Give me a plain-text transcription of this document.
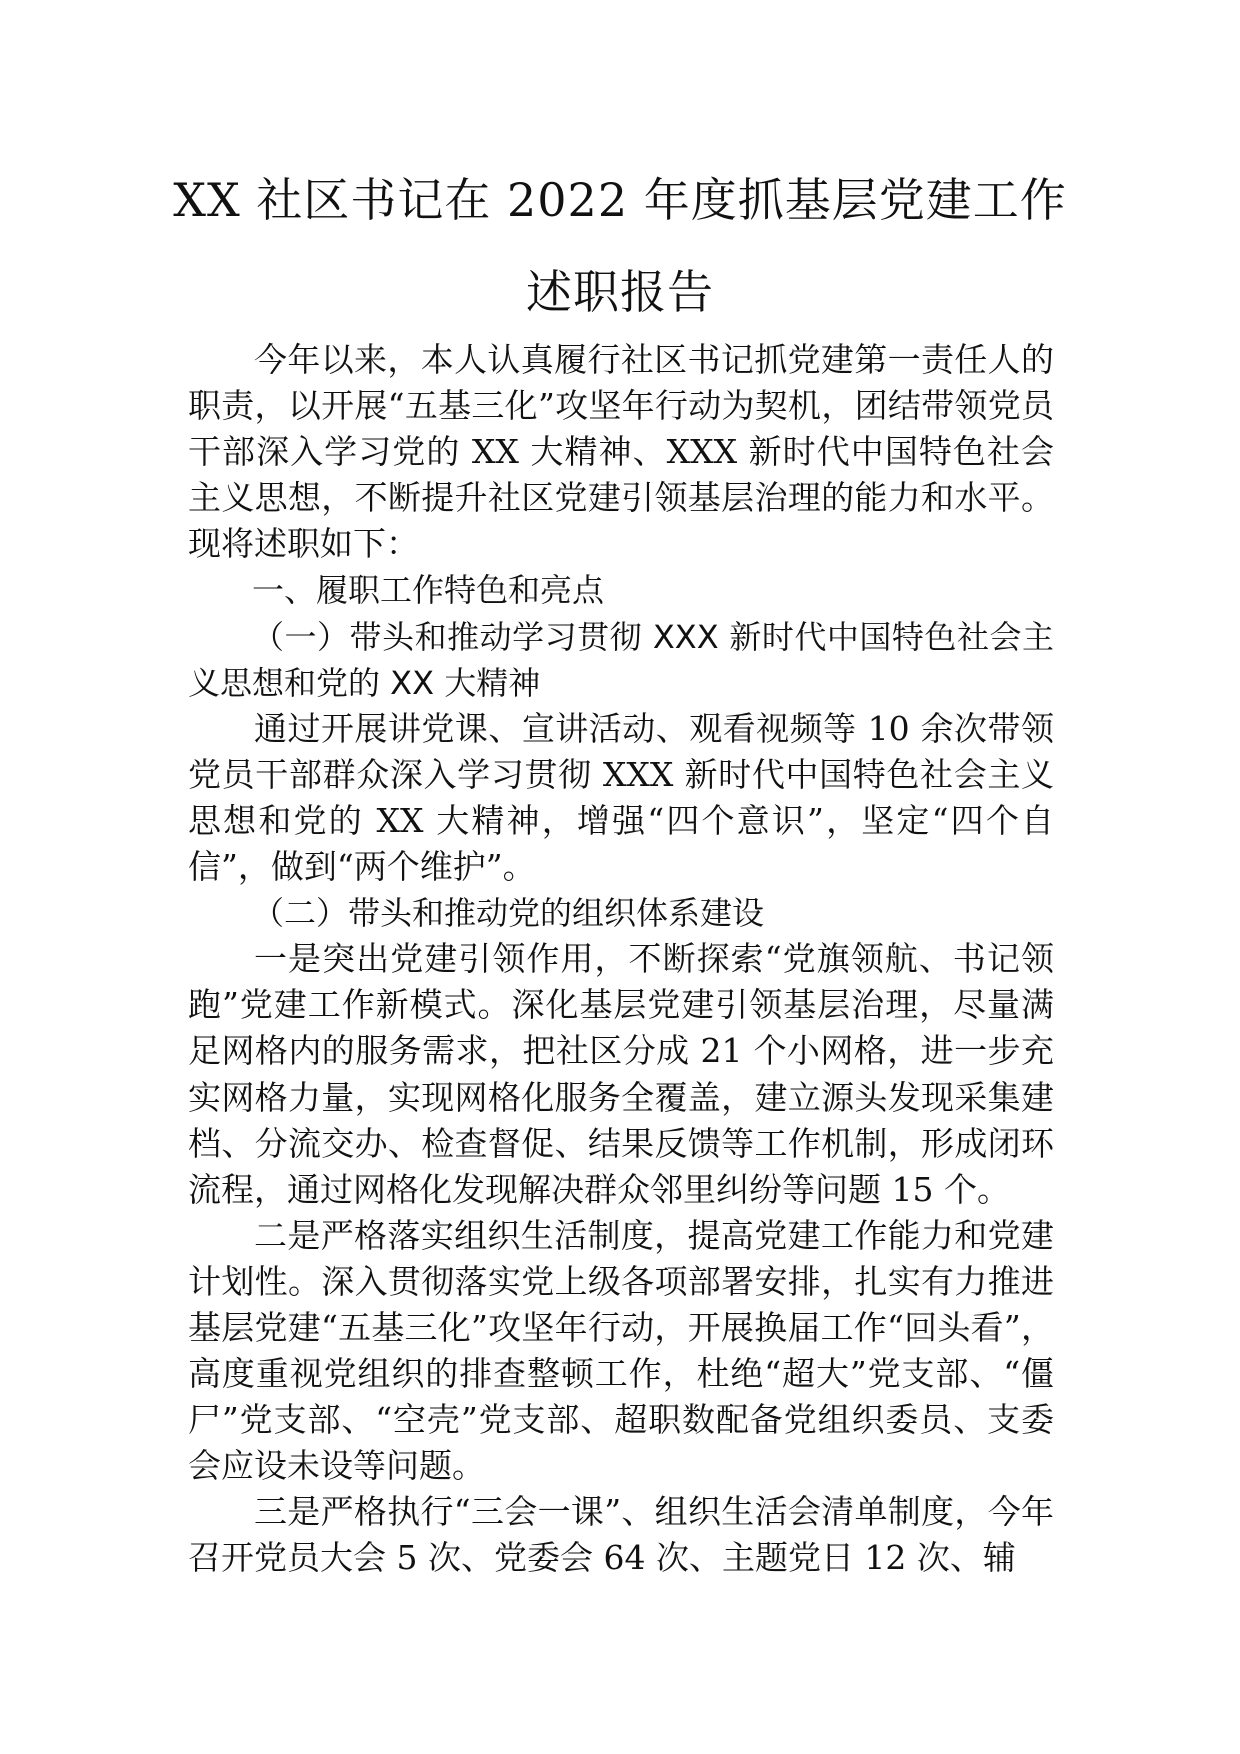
XX 社区书记在 2022 年度抓基层党建工作
述职报告

今年以来，本人认真履行社区书记抓党建第一责任人的职责，以开展“五基三化”攻坚年行动为契机，团结带领党员干部深入学习党的 XX 大精神、XXX 新时代中国特色社会主义思想，不断提升社区党建引领基层治理的能力和水平。现将述职如下：

一、履职工作特色和亮点

（一）带头和推动学习贯彻 XXX 新时代中国特色社会主义思想和党的 XX 大精神

通过开展讲党课、宣讲活动、观看视频等 10 余次带领党员干部群众深入学习贯彻 XXX 新时代中国特色社会主义思想和党的 XX 大精神，增强“四个意识”，坚定“四个自信”，做到“两个维护”。

（二）带头和推动党的组织体系建设

一是突出党建引领作用，不断探索“党旗领航、书记领跑”党建工作新模式。深化基层党建引领基层治理，尽量满足网格内的服务需求，把社区分成 21 个小网格，进一步充实网格力量，实现网格化服务全覆盖，建立源头发现采集建档、分流交办、检查督促、结果反馈等工作机制，形成闭环流程，通过网格化发现解决群众邻里纠纷等问题 15 个。

二是严格落实组织生活制度，提高党建工作能力和党建计划性。深入贯彻落实党上级各项部署安排，扎实有力推进基层党建“五基三化”攻坚年行动，开展换届工作“回头看”，高度重视党组织的排查整顿工作，杜绝“超大”党支部、“僵尸”党支部、“空壳”党支部、超职数配备党组织委员、支委会应设未设等问题。

三是严格执行“三会一课”、组织生活会清单制度，今年召开党员大会 5 次、党委会 64 次、主题党日 12 次、辅
